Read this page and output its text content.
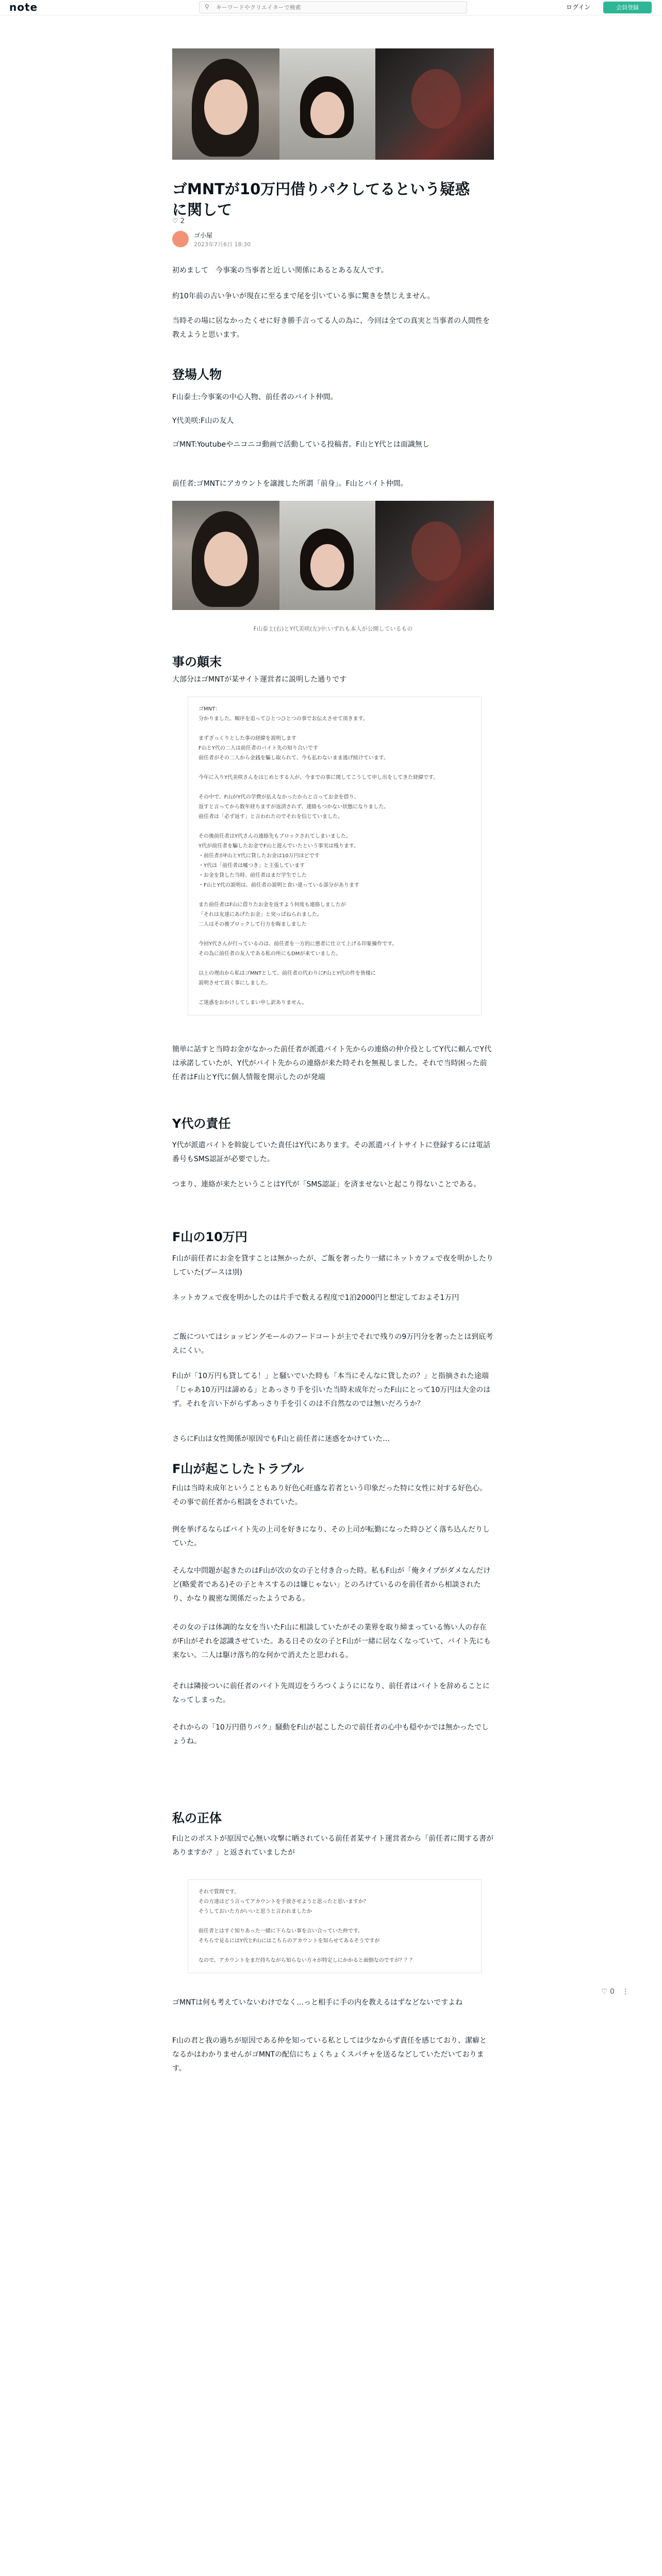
note	⚲
キーワードやクリエイターで検索	ログイン	会員登録
ゴMNTが10万円借りパクしてるという疑惑に関して
♡ 2
ゴ小屋
2023年7月6日 18:30

初めまして　今事案の当事者と近しい関係にあるとある友人です。

約10年前の古い争いが現在に至るまで尾を引いている事に驚きを禁じえません。

当時その場に居なかったくせに好き勝手言ってる人の為に、今回は全ての真実と当事者の人間性を教えようと思います。

登場人物

F山泰士:今事案の中心人物、前任者のバイト仲間。

Y代美咲:F山の友人

ゴMNT:Youtubeやニコニコ動画で活動している投稿者。F山とY代とは面識無し

前任者:ゴMNTにアカウントを譲渡した所謂「前身」。F山とバイト仲間。

F山泰士(右)とY代美咲(左)中:いずれも本人が公開しているもの
事の顛末

大部分はゴMNTが某サイト運営者に説明した通りです

ゴMNT：
分かりました。順序を追ってひとつひとつの事でお伝えさせて頂きます。
まずざっくりとした事の経緯を説明します
F山とY代の二人は前任者のバイト先の知り合いです
前任者がその二人から金銭を騙し取られて、今も払わないまま逃げ続けています。
今年に入りY代美咲さんをはじめとする人が、今までの事に関してこうして申し出をしてきた経緯です。
その中で、F山がY代の学費が払えなかったからと言ってお金を借り、
返すと言ってから数年経ちますが返済されず、連絡もつかない状態になりました。
前任者は「必ず返す」と言われたのでそれを信じていました。
その後前任者はY代さんの連絡先もブロックされてしまいました。
Y代が前任者を騙したお金でF山と遊んでいたという事実は残ります。
・前任者がF山とY代に貸したお金は10万円ほどです
・Y代は「前任者は嘘つき」と主張しています
・お金を貸した当時、前任者はまだ学生でした
・F山とY代の説明は、前任者の説明と食い違っている部分があります
また前任者はF山に借りたお金を返すよう何度も連絡しましたが
「それは友達にあげたお金」と突っぱねられました。
二人はその後ブロックして行方を晦ましました
今回Y代さんが行っているのは、前任者を一方的に悪者に仕立て上げる印象操作です。
その為に前任者の友人である私の所にもDMが来ていました。
以上の理由から私はゴMNTとして、前任者の代わりにF山とY代の件を皆様に
説明させて頂く事にしました。
ご迷惑をおかけしてしまい申し訳ありません。

簡単に話すと当時お金がなかった前任者が派遣バイト先からの連絡の仲介役としてY代に頼んでY代は承諾していたが、Y代がバイト先からの連絡が来た時それを無視しました。それで当時困った前任者はF山とY代に個人情報を開示したのが発端

Y代の責任

Y代が派遣バイトを斡旋していた責任はY代にあります。その派遣バイトサイトに登録するには電話番号もSMS認証が必要でした。

つまり、連絡が来たということはY代が「SMS認証」を済ませないと起こり得ないことである。

F山の10万円

F山が前任者にお金を貸すことは無かったが、ご飯を奢ったり一緒にネットカフェで夜を明かしたりしていた(ブースは別)

ネットカフェで夜を明かしたのは片手で数える程度で1泊2000円と想定しておよそ1万円

ご飯についてはショッピングモールのフードコートが主でそれで残りの9万円分を奢ったとは到底考えにくい。

F山が「10万円も貸してる！」と騒いでいた時も「本当にそんなに貸したの？」と指摘された途端「じゃあ10万円は諦める」とあっさり手を引いた当時未成年だったF山にとって10万円は大金のはず。それを言い下がらずあっさり手を引くのは不自然なのでは無いだろうか？

さらにF山は女性関係が原因でもF山と前任者に迷惑をかけていた…

F山が起こしたトラブル

F山は当時未成年ということもあり好色心旺盛な若者という印象だった特に女性に対する好色心。その事で前任者から相談をされていた。

例を挙げるならばバイト先の上司を好きになり、その上司が転勤になった時ひどく落ち込んだりしていた。

そんな中問題が起きたのはF山が次の女の子と付き合った時。私もF山が「俺タイプがダメなんだけど(略愛者である)その子とキスするのは嫌じゃない」とのろけているのを前任者から相談されたり、かなり親密な関係だったようである。

その女の子は体調的な女を当いたF山に相談していたがその業界を取り締まっている怖い人の存在がF山がそれを認識させていた。ある日その女の子とF山が一緒に居なくなっていて、バイト先にも来ない。二人は駆け落ち的な何かで消えたと思われる。

それは隣接ついに前任者のバイト先周辺をうろつくようにになり、前任者はバイトを辞めることになってしまった。

それからの「10万円借りパク」騒動をF山が起こしたので前任者の心中も穏やかでは無かったでしょうね。

私の正体

F山とのポストが原因で心無い攻撃に晒されている前任者某サイト運営者から「前任者に関する書がありますか？」と返されていましたが

それで質問です。
その方達はどう言ってアカウントを手放させようと思ったと思いますか？
そうしておいた方がいいと思うと言われましたか
前任者とはすぐ知りあった一緒に下らない事を言い合っていた仲です。
そちらで見るにはY代とF山にはこちらのアカウントを知らせてあるそうですが
なので、アカウントをまだ持ちながら知らない方々が特定しにかかると面倒なのですが？？？

ゴMNTは何も考えていないわけでなく…っと相手に手の内を教えるはずなどないですよね

F山の君と我の過ちが原因である仲を知っている私としては少なからず責任を感じており、潔癖となるかはわかりませんがゴMNTの配信にちょくちょくスパチャを送るなどしていただいております。

♡ 0 ⋮
